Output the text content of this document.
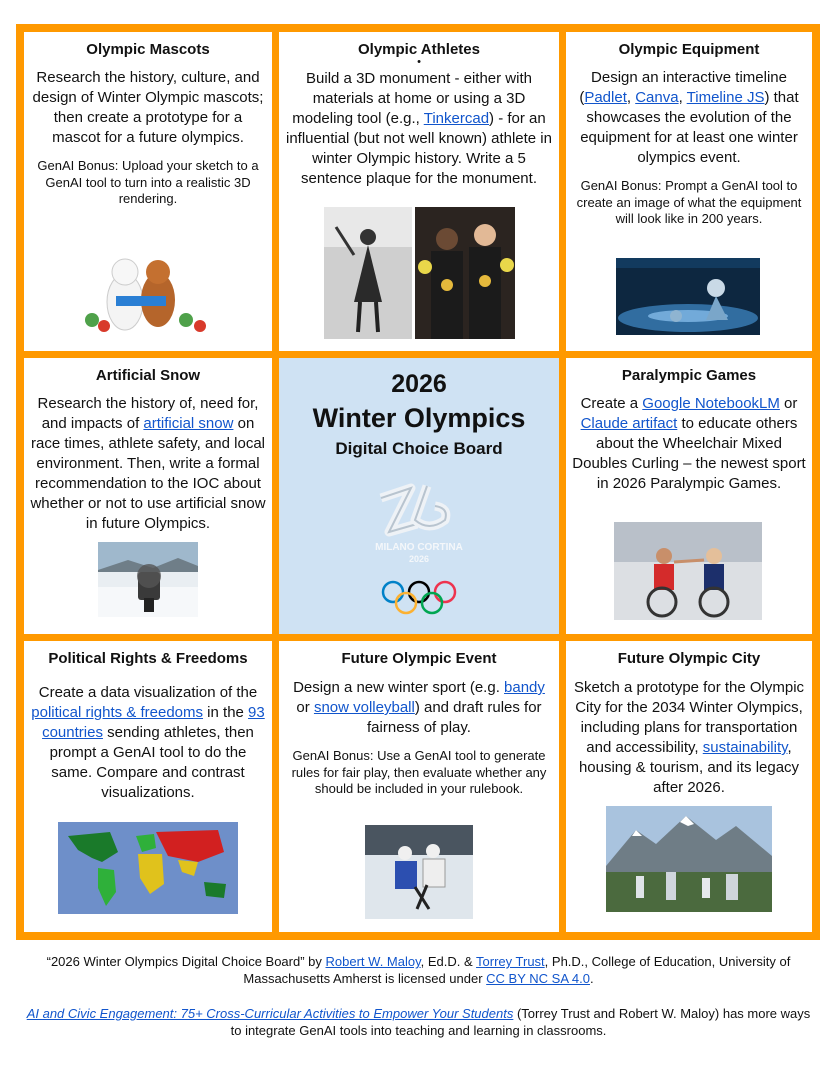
Olympic Mascots
Research the history, culture, and design of Winter Olympic mascots; then create a prototype for a mascot for a future olympics.
GenAI Bonus: Upload your sketch to a GenAI tool to turn into a realistic 3D rendering.
Olympic Athletes
•
Build a 3D monument - either with materials at home or using a 3D modeling tool (e.g., Tinkercad) - for an influential (but not well known) athlete in winter Olympic history. Write a 5 sentence plaque for the monument.
Olympic Equipment
Design an interactive timeline (Padlet, Canva, Timeline JS) that showcases the evolution of the equipment for at least one winter olympics event.
GenAI Bonus: Prompt a GenAI tool to create an image of what the equipment will look like in 200 years.
Artificial Snow
Research the history of, need for, and impacts of artificial snow on race times, athlete safety, and local environment. Then, write a formal recommendation to the IOC about whether or not to use artificial snow in future Olympics.
2026
Winter Olympics
Digital Choice Board
MILANO CORTINA
2026
Paralympic Games
Create a Google NotebookLM or Claude artifact to educate others about the Wheelchair Mixed Doubles Curling – the newest sport in 2026 Paralympic Games.
Political Rights & Freedoms
Create a data visualization of the political rights & freedoms in the 93 countries sending athletes, then prompt a GenAI tool to do the same. Compare and contrast visualizations.
Future Olympic Event
Design a new winter sport (e.g. bandy or snow volleyball) and draft rules for fairness of play.
GenAI Bonus: Use a GenAI tool to generate rules for fair play, then evaluate whether any should be included in your rulebook.
Future Olympic City
Sketch a prototype for the Olympic City for the 2034 Winter Olympics, including plans for transportation and accessibility, sustainability, housing & tourism, and its legacy after 2026.
“2026 Winter Olympics Digital Choice Board” by Robert W. Maloy, Ed.D. & Torrey Trust, Ph.D., College of Education, University of Massachusetts Amherst is licensed under CC BY NC SA 4.0.
AI and Civic Engagement: 75+ Cross-Curricular Activities to Empower Your Students (Torrey Trust and Robert W. Maloy) has more ways to integrate GenAI tools into teaching and learning in classrooms.
